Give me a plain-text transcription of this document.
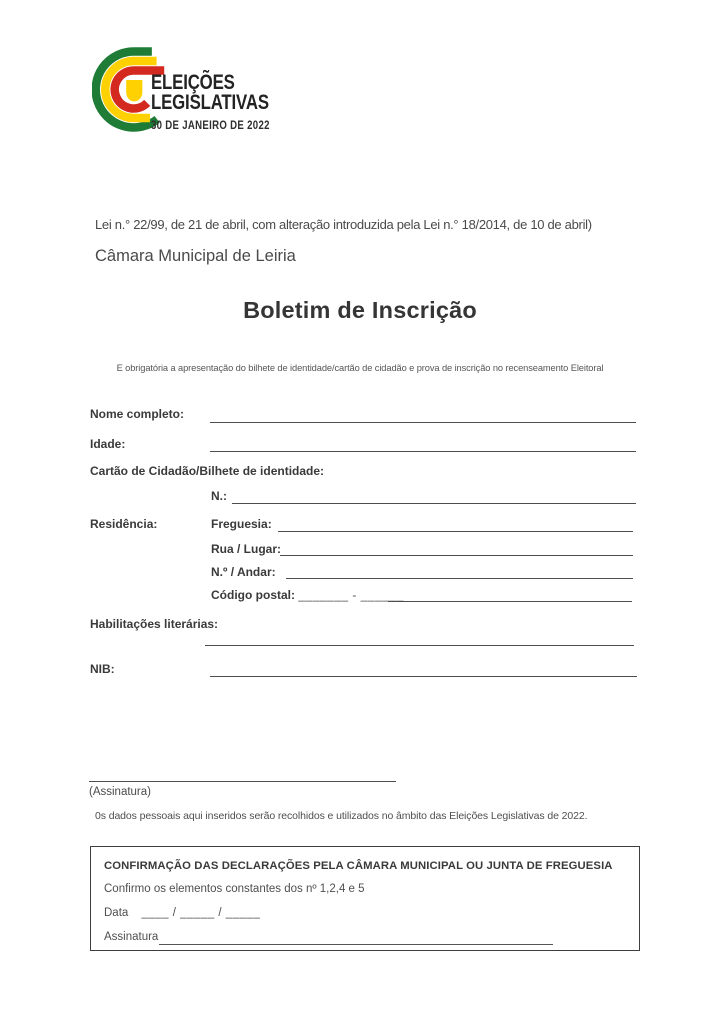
ELEIÇÕES
LEGISLATIVAS
30 DE JANEIRO DE 2022
Lei n.° 22/99, de 21 de abril, com alteração introduzida pela Lei n.° 18/2014, de 10 de abril)
Câmara Municipal de Leiria
Boletim de Inscrição
E obrigatória a apresentação do bilhete de identidade/cartão de cidadão e prova de inscrição no recenseamento Eleitoral
Nome completo:
Idade:
Cartão de Cidadão/Bilhete de identidade:
N.:
Residência:	Freguesia:
Rua / Lugar:
N.º / Andar:
Código postal: _______ - ______
Habilitações literárias:
NIB:
(Assinatura)
0s dados pessoais aqui inseridos serão recolhidos e utilizados no âmbito das Eleições Legislativas de 2022.
CONFIRMAÇÃO DAS DECLARAÇÕES PELA CÂMARA MUNICIPAL OU JUNTA DE FREGUESIA
Confirmo os elementos constantes dos nº 1,2,4 e 5
Data ____ / _____ / _____
Assinatura
